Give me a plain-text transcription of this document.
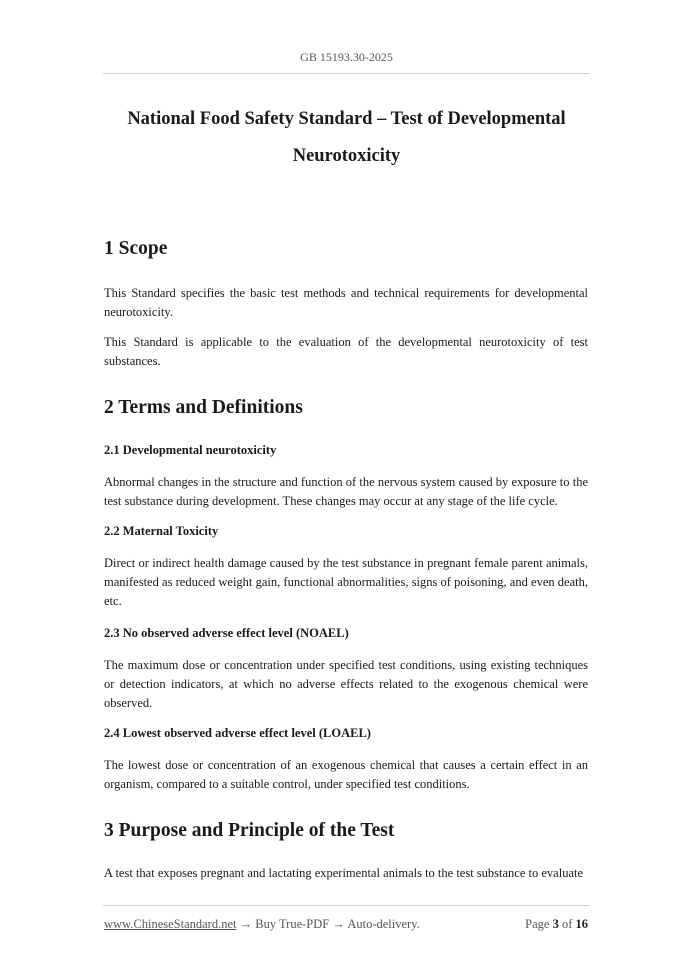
GB 15193.30-2025
National Food Safety Standard – Test of Developmental
Neurotoxicity
1 Scope

This Standard specifies the basic test methods and technical requirements for developmental neurotoxicity.

This Standard is applicable to the evaluation of the developmental neurotoxicity of test substances.

2 Terms and Definitions
2.1 Developmental neurotoxicity

Abnormal changes in the structure and function of the nervous system caused by exposure to the test substance during development. These changes may occur at any stage of the life cycle.

2.2 Maternal Toxicity

Direct or indirect health damage caused by the test substance in pregnant female parent animals, manifested as reduced weight gain, functional abnormalities, signs of poisoning, and even death, etc.

2.3 No observed adverse effect level (NOAEL)

The maximum dose or concentration under specified test conditions, using existing techniques or detection indicators, at which no adverse effects related to the exogenous chemical were observed.

2.4 Lowest observed adverse effect level (LOAEL)

The lowest dose or concentration of an exogenous chemical that causes a certain effect in an organism, compared to a suitable control, under specified test conditions.

3 Purpose and Principle of the Test

A test that exposes pregnant and lactating experimental animals to the test substance to evaluate

www.ChineseStandard.net → Buy True-PDF → Auto-delivery.	Page 3 of 16
